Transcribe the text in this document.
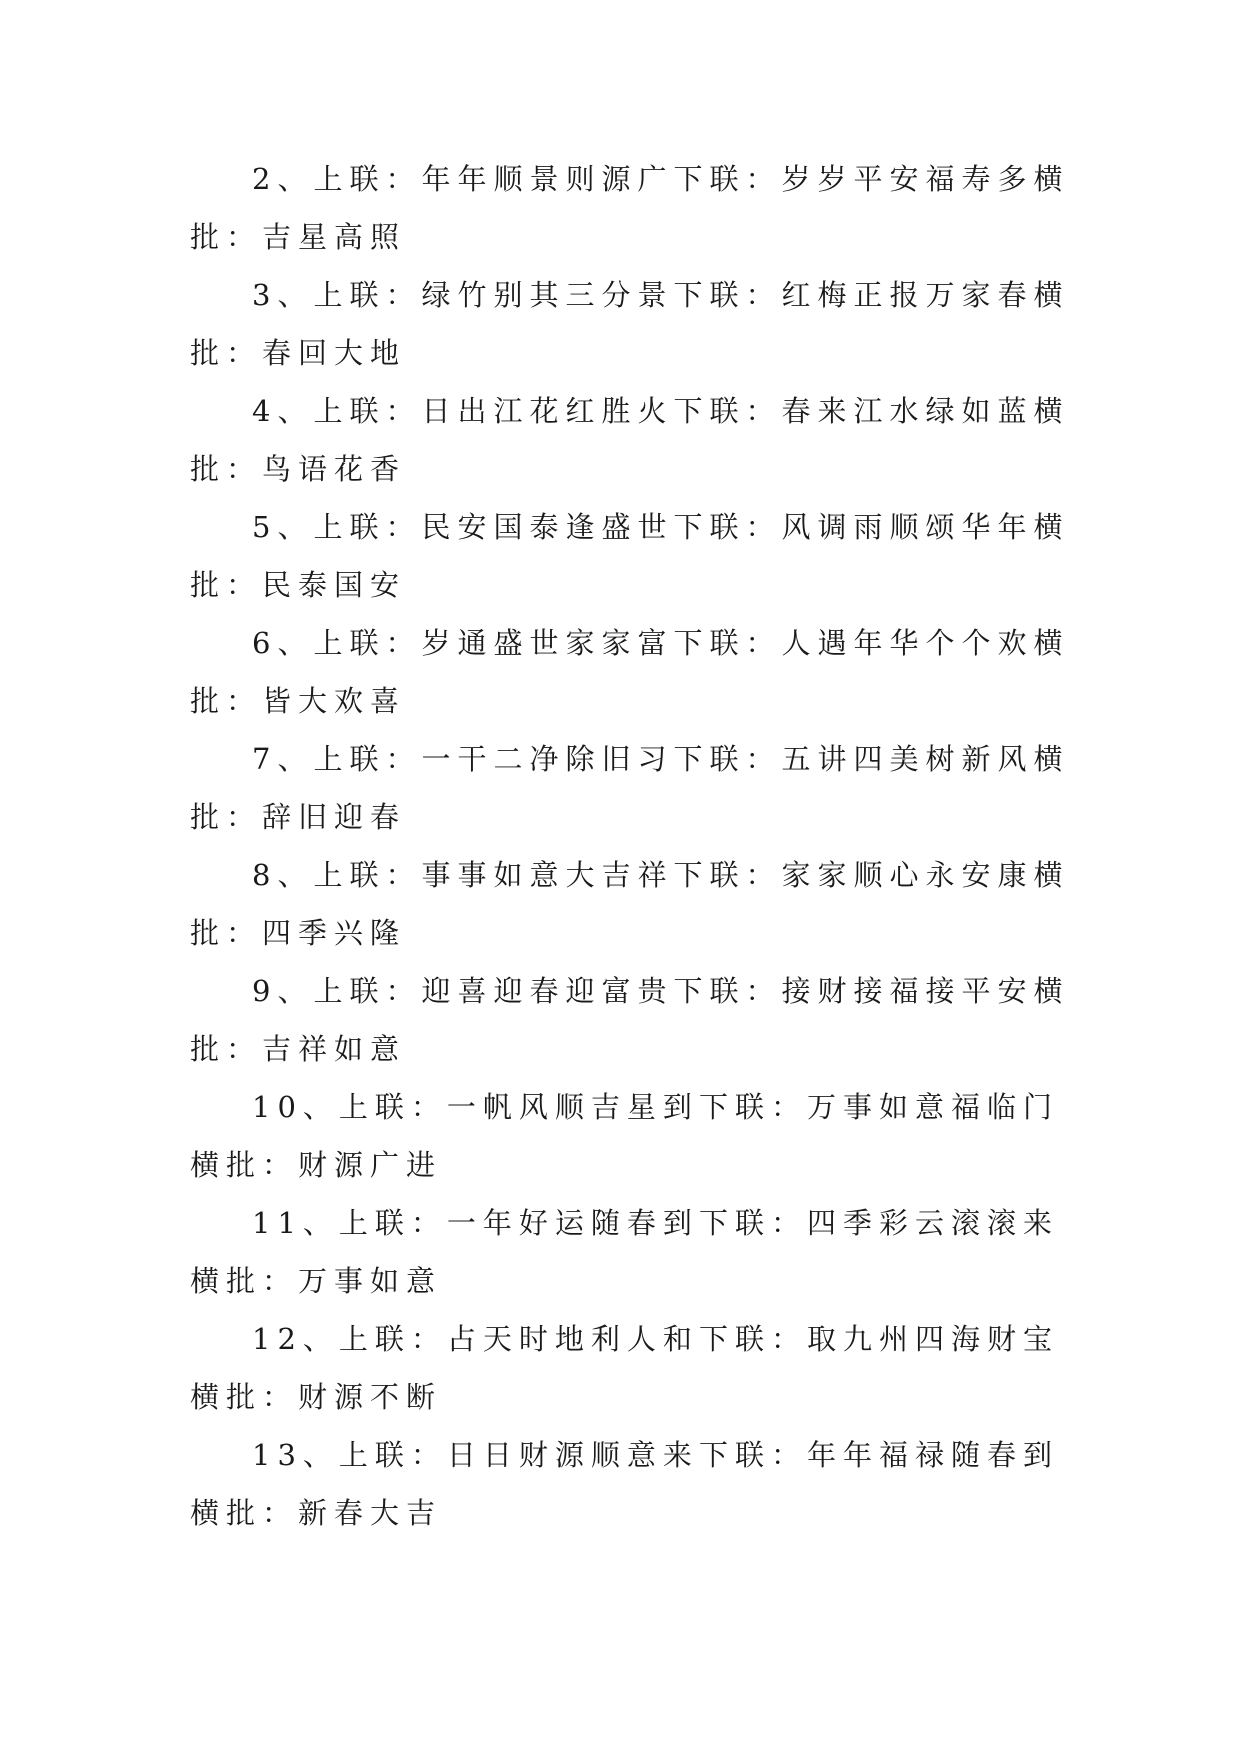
2、上联：年年顺景则源广下联：岁岁平安福寿多横批：吉星高照

3、上联：绿竹别其三分景下联：红梅正报万家春横批：春回大地

4、上联：日出江花红胜火下联：春来江水绿如蓝横批：鸟语花香

5、上联：民安国泰逢盛世下联：风调雨顺颂华年横批：民泰国安

6、上联：岁通盛世家家富下联：人遇年华个个欢横批：皆大欢喜

7、上联：一干二净除旧习下联：五讲四美树新风横批：辞旧迎春

8、上联：事事如意大吉祥下联：家家顺心永安康横批：四季兴隆

9、上联：迎喜迎春迎富贵下联：接财接福接平安横批：吉祥如意

10、上联：一帆风顺吉星到下联：万事如意福临门横批：财源广进

11、上联：一年好运随春到下联：四季彩云滚滚来横批：万事如意

12、上联：占天时地利人和下联：取九州四海财宝横批：财源不断

13、上联：日日财源顺意来下联：年年福禄随春到横批：新春大吉
